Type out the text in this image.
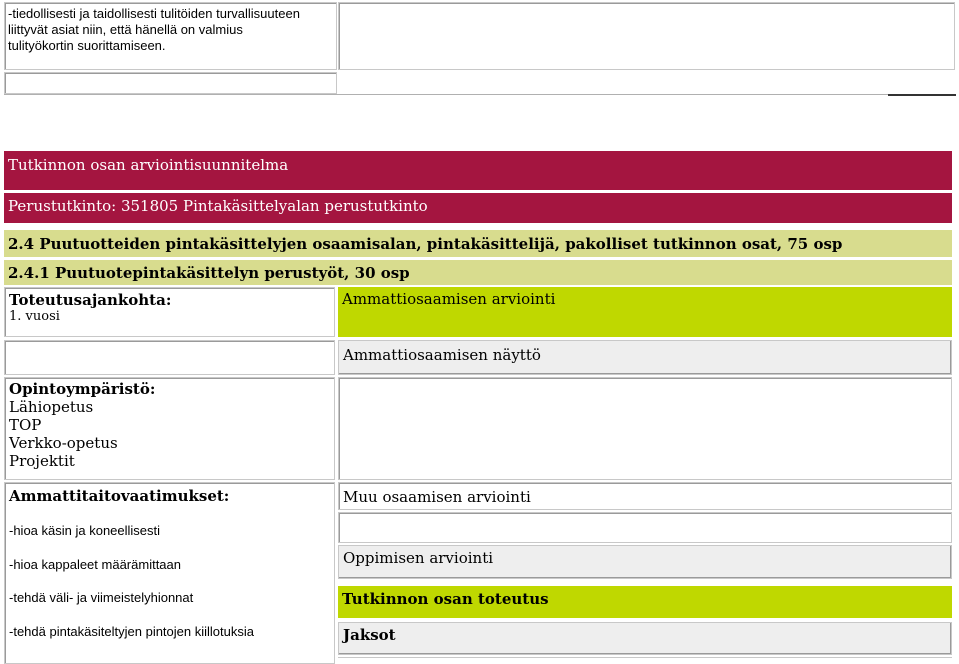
-tiedollisesti ja taidollisesti tulitöiden turvallisuuteen
liittyvät asiat niin, että hänellä on valmius
tulityökortin suorittamiseen.
Tutkinnon osan arviointisuunnitelma
Perustutkinto: 351805 Pintakäsittelyalan perustutkinto
2.4 Puutuotteiden pintakäsittelyjen osaamisalan, pintakäsittelijä, pakolliset tutkinnon osat, 75 osp
2.4.1 Puutuotepintakäsittelyn perustyöt, 30 osp
Toteutusajankohta:
1. vuosi
Opintoympäristö:
Lähiopetus
TOP
Verkko-opetus
Projektit
Ammattitaitovaatimukset:
-hioa käsin ja koneellisesti
-hioa kappaleet määrämittaan
-tehdä väli- ja viimeistelyhionnat
-tehdä pintakäsiteltyjen pintojen kiillotuksia
Ammattiosaamisen arviointi
Ammattiosaamisen näyttö
Muu osaamisen arviointi
Oppimisen arviointi
Tutkinnon osan toteutus
Jaksot
